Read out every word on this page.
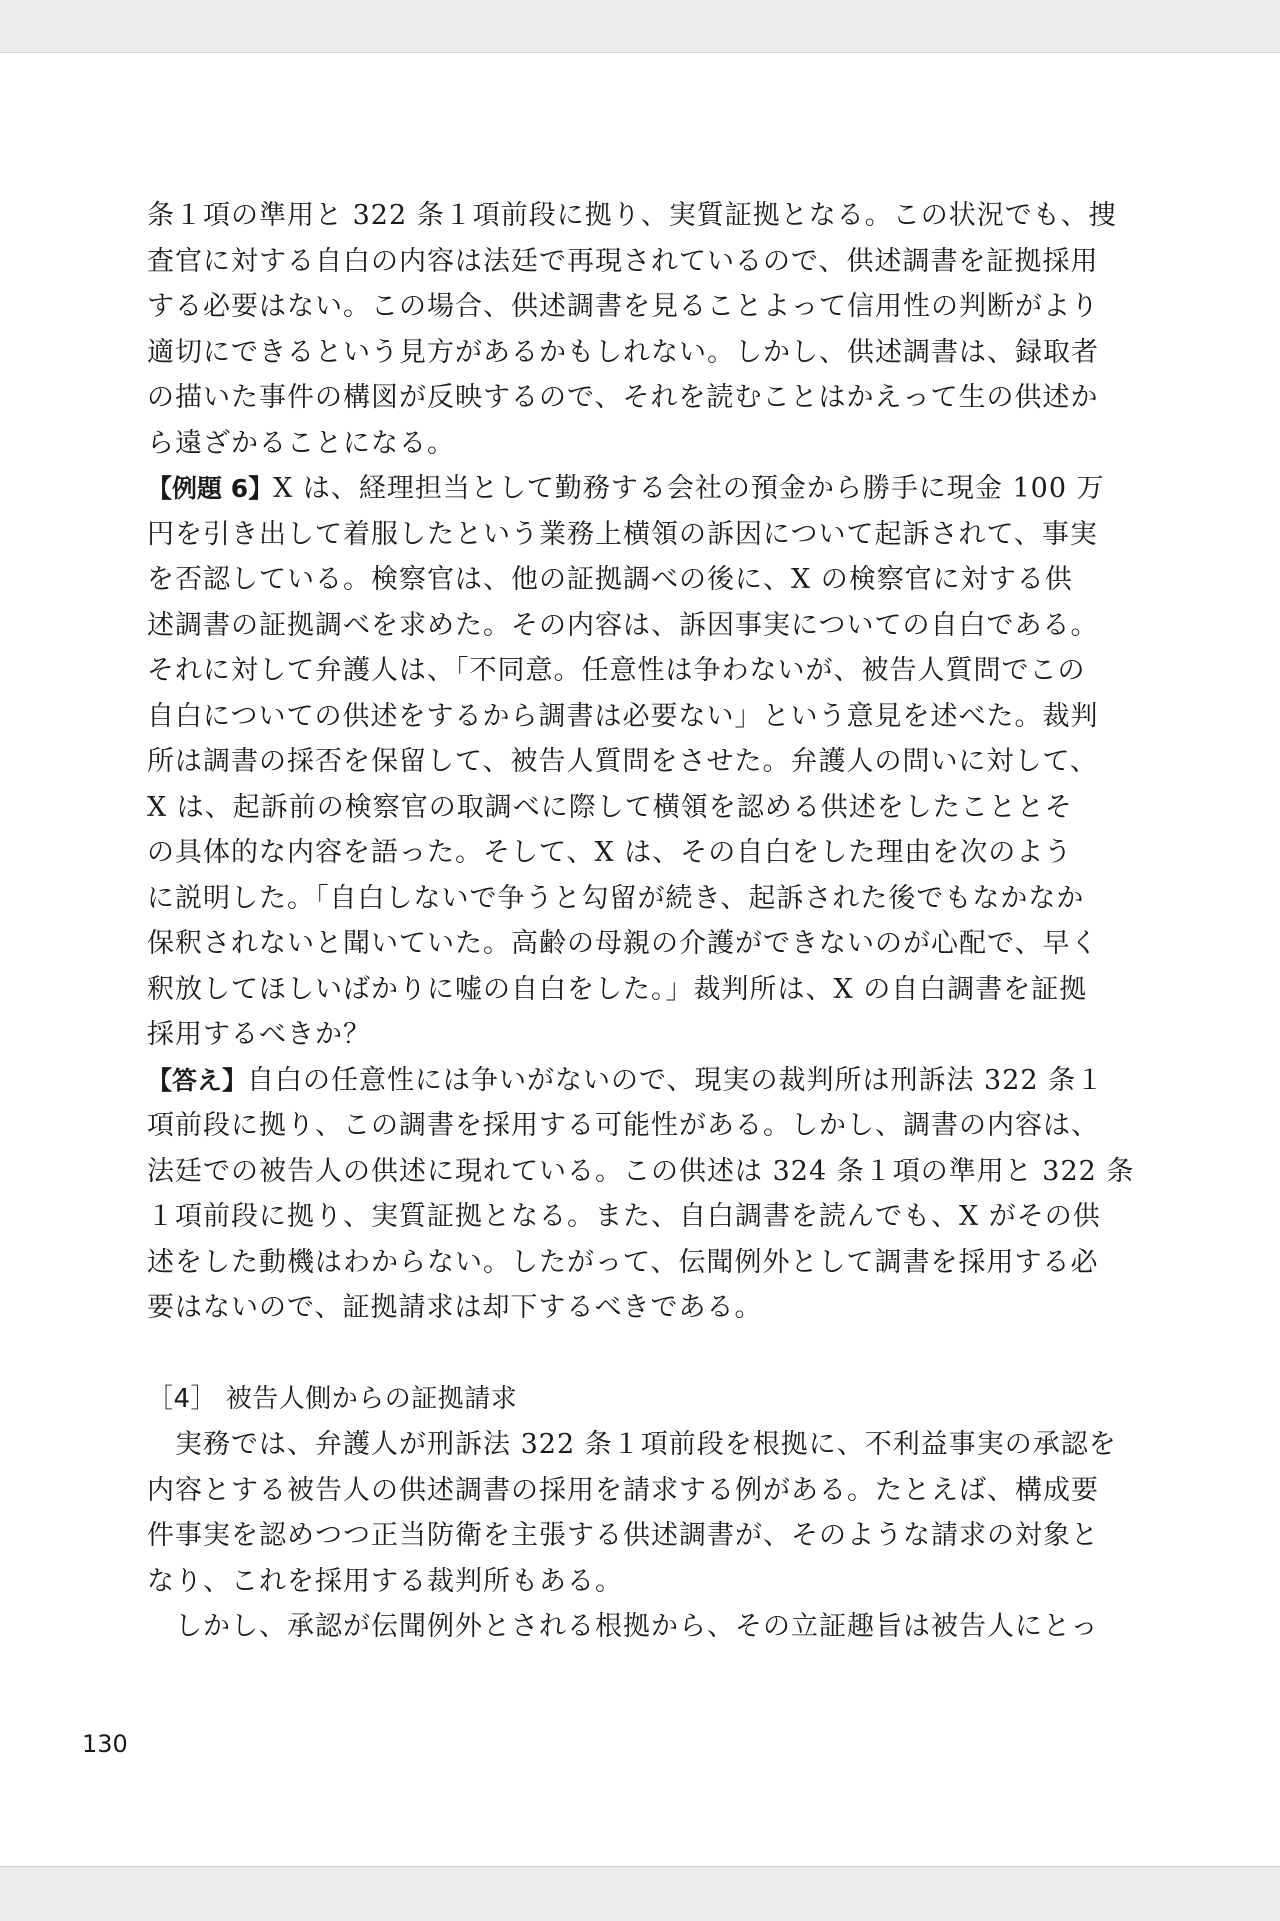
条１項の準用と 322 条１項前段に拠り、実質証拠となる。この状況でも、捜
査官に対する自白の内容は法廷で再現されているので、供述調書を証拠採用
する必要はない。この場合、供述調書を見ることよって信用性の判断がより
適切にできるという見方があるかもしれない。しかし、供述調書は、録取者
の描いた事件の構図が反映するので、それを読むことはかえって生の供述か
ら遠ざかることになる。
【例題 6】X は、経理担当として勤務する会社の預金から勝手に現金 100 万
円を引き出して着服したという業務上横領の訴因について起訴されて、事実
を否認している。検察官は、他の証拠調べの後に、X の検察官に対する供
述調書の証拠調べを求めた。その内容は、訴因事実についての自白である。
それに対して弁護人は、「不同意。任意性は争わないが、被告人質問でこの
自白についての供述をするから調書は必要ない」という意見を述べた。裁判
所は調書の採否を保留して、被告人質問をさせた。弁護人の問いに対して、
X は、起訴前の検察官の取調べに際して横領を認める供述をしたこととそ
の具体的な内容を語った。そして、X は、その自白をした理由を次のよう
に説明した。「自白しないで争うと勾留が続き、起訴された後でもなかなか
保釈されないと聞いていた。高齢の母親の介護ができないのが心配で、早く
釈放してほしいばかりに嘘の自白をした。」裁判所は、X の自白調書を証拠
採用するべきか？
【答え】自白の任意性には争いがないので、現実の裁判所は刑訴法 322 条１
項前段に拠り、この調書を採用する可能性がある。しかし、調書の内容は、
法廷での被告人の供述に現れている。この供述は 324 条１項の準用と 322 条
１項前段に拠り、実質証拠となる。また、自白調書を読んでも、X がその供
述をした動機はわからない。したがって、伝聞例外として調書を採用する必
要はないので、証拠請求は却下するべきである。
［4］ 被告人側からの証拠請求
実務では、弁護人が刑訴法 322 条１項前段を根拠に、不利益事実の承認を
内容とする被告人の供述調書の採用を請求する例がある。たとえば、構成要
件事実を認めつつ正当防衛を主張する供述調書が、そのような請求の対象と
なり、これを採用する裁判所もある。
しかし、承認が伝聞例外とされる根拠から、その立証趣旨は被告人にとっ
130
